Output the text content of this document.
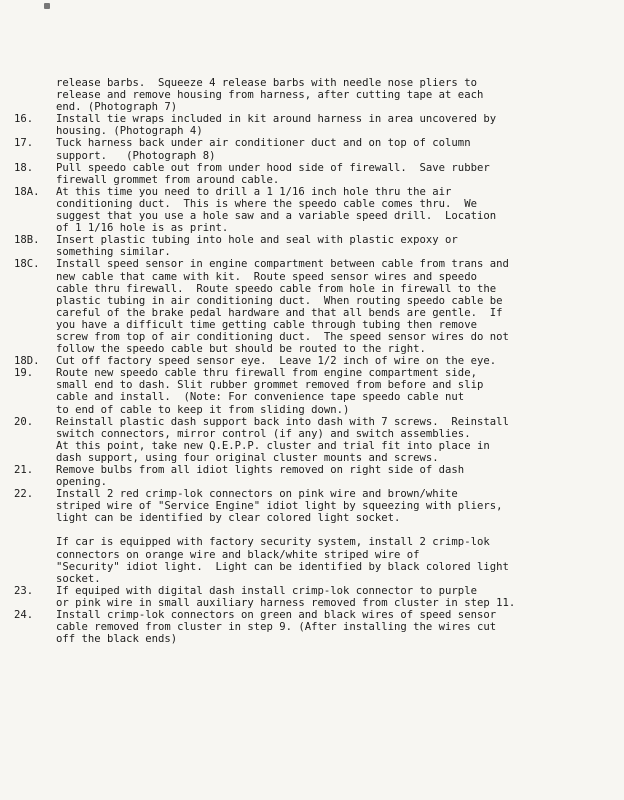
release barbs.  Squeeze 4 release barbs with needle nose pliers to
release and remove housing from harness, after cutting tape at each
end. (Photograph 7)
16.	Install tie wraps included in kit around harness in area uncovered by
housing. (Photograph 4)
17.	Tuck harness back under air conditioner duct and on top of column
support.   (Photograph 8)
18.	Pull speedo cable out from under hood side of firewall.  Save rubber
firewall grommet from around cable.
18A.	At this time you need to drill a 1 1/16 inch hole thru the air
conditioning duct.  This is where the speedo cable comes thru.  We
suggest that you use a hole saw and a variable speed drill.  Location
of 1 1/16 hole is as print.
18B.	Insert plastic tubing into hole and seal with plastic expoxy or
something similar.
18C.	Install speed sensor in engine compartment between cable from trans and
new cable that came with kit.  Route speed sensor wires and speedo
cable thru firewall.  Route speedo cable from hole in firewall to the
plastic tubing in air conditioning duct.  When routing speedo cable be
careful of the brake pedal hardware and that all bends are gentle.  If
you have a difficult time getting cable through tubing then remove
screw from top of air conditioning duct.  The speed sensor wires do not
follow the speedo cable but should be routed to the right.
18D.	Cut off factory speed sensor eye.  Leave 1/2 inch of wire on the eye.
19.	Route new speedo cable thru firewall from engine compartment side,
small end to dash. Slit rubber grommet removed from before and slip
cable and install.  (Note: For convenience tape speedo cable nut
to end of cable to keep it from sliding down.)
20.	Reinstall plastic dash support back into dash with 7 screws.  Reinstall
switch connectors, mirror control (if any) and switch assemblies.
At this point, take new Q.E.P.P. cluster and trial fit into place in
dash support, using four original cluster mounts and screws.
21.	Remove bulbs from all idiot lights removed on right side of dash
opening.
22.	Install 2 red crimp-lok connectors on pink wire and brown/white
striped wire of "Service Engine" idiot light by squeezing with pliers,
light can be identified by clear colored light socket.
If car is equipped with factory security system, install 2 crimp-lok
connectors on orange wire and black/white striped wire of
"Security" idiot light.  Light can be identified by black colored light
socket.
23.	If equiped with digital dash install crimp-lok connector to purple
or pink wire in small auxiliary harness removed from cluster in step 11.
24.	Install crimp-lok connectors on green and black wires of speed sensor
cable removed from cluster in step 9. (After installing the wires cut
off the black ends)
